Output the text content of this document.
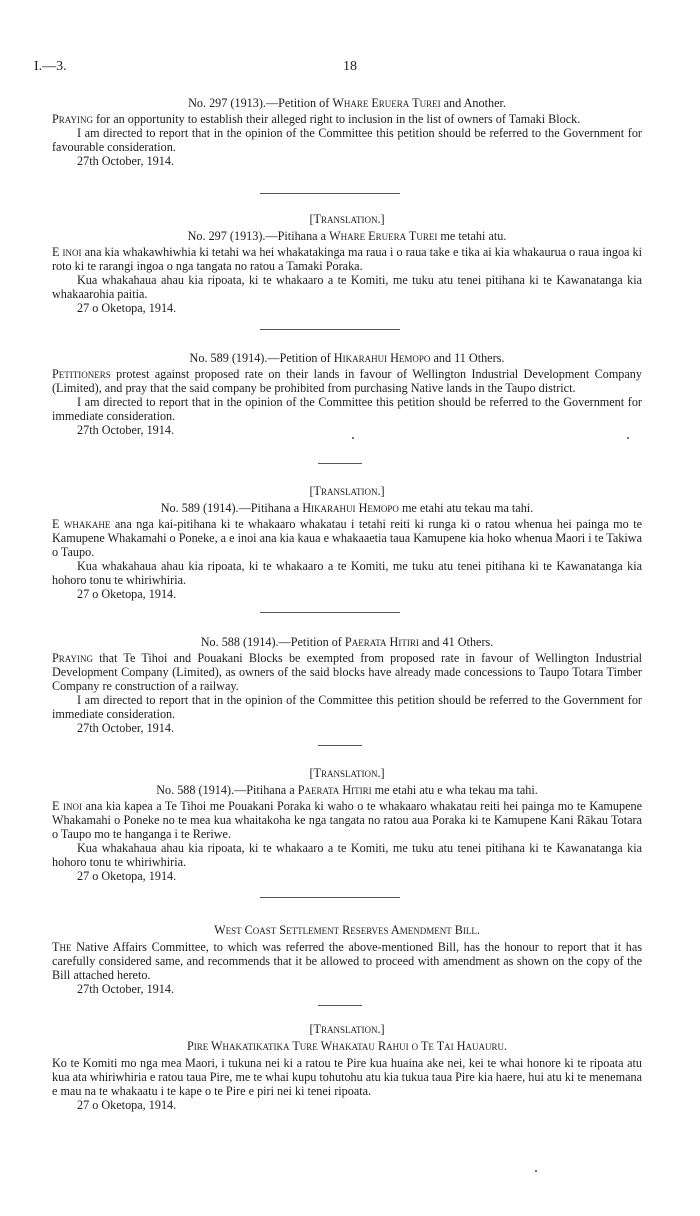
I.—3.	18

No. 297 (1913).—Petition of Whare Eruera Turei and Another.

Praying for an opportunity to establish their alleged right to inclusion in the list of owners of Tamaki Block.

I am directed to report that in the opinion of the Committee this petition should be referred to the Government for favourable consideration.

27th October, 1914.

[Translation.]

No. 297 (1913).—Pitihana a Whare Eruera Turei me tetahi atu.

E inoi ana kia whakawhiwhia ki tetahi wa hei whakatakinga ma raua i o raua take e tika ai kia whakaurua o raua ingoa ki roto ki te rarangi ingoa o nga tangata no ratou a Tamaki Poraka.

Kua whakahaua ahau kia ripoata, ki te whakaaro a te Komiti, me tuku atu tenei pitihana ki te Kawanatanga kia whakaarohia paitia.

27 o Oketopa, 1914.

No. 589 (1914).—Petition of Hikarahui Hemopo and 11 Others.

Petitioners protest against proposed rate on their lands in favour of Wellington Industrial Development Company (Limited), and pray that the said company be prohibited from purchasing Native lands in the Taupo district.

I am directed to report that in the opinion of the Committee this petition should be referred to the Government for immediate consideration.

27th October, 1914.

[Translation.]

No. 589 (1914).—Pitihana a Hikarahui Hemopo me etahi atu tekau ma tahi.

E whakahe ana nga kai-pitihana ki te whakaaro whakatau i tetahi reiti ki runga ki o ratou whenua hei painga mo te Kamupene Whakamahi o Poneke, a e inoi ana kia kaua e whakaaetia taua Kamupene kia hoko whenua Maori i te Takiwa o Taupo.

Kua whakahaua ahau kia ripoata, ki te whakaaro a te Komiti, me tuku atu tenei pitihana ki te Kawanatanga kia hohoro tonu te whiriwhiria.

27 o Oketopa, 1914.

No. 588 (1914).—Petition of Paerata Hitiri and 41 Others.

Praying that Te Tihoi and Pouakani Blocks be exempted from proposed rate in favour of Wellington Industrial Development Company (Limited), as owners of the said blocks have already made concessions to Taupo Totara Timber Company re construction of a railway.

I am directed to report that in the opinion of the Committee this petition should be referred to the Government for immediate consideration.

27th October, 1914.

[Translation.]

No. 588 (1914).—Pitihana a Paerata Hitiri me etahi atu e wha tekau ma tahi.

E inoi ana kia kapea a Te Tihoi me Pouakani Poraka ki waho o te whakaaro whakatau reiti hei painga mo te Kamupene Whakamahi o Poneke no te mea kua whaitakoha ke nga tangata no ratou aua Poraka ki te Kamupene Kani Rākau Totara o Taupo mo te hanganga i te Reriwe.

Kua whakahaua ahau kia ripoata, ki te whakaaro a te Komiti, me tuku atu tenei pitihana ki te Kawanatanga kia hohoro tonu te whiriwhiria.

27 o Oketopa, 1914.

West Coast Settlement Reserves Amendment Bill.

The Native Affairs Committee, to which was referred the above-mentioned Bill, has the honour to report that it has carefully considered same, and recommends that it be allowed to proceed with amendment as shown on the copy of the Bill attached hereto.

27th October, 1914.

[Translation.]

Pire Whakatikatika Ture Whakatau Rahui o Te Tai Hauauru.

Ko te Komiti mo nga mea Maori, i tukuna nei ki a ratou te Pire kua huaina ake nei, kei te whai honore ki te ripoata atu kua ata whiriwhiria e ratou taua Pire, me te whai kupu tohutohu atu kia tukua taua Pire kia haere, hui atu ki te menemana e mau na te whakaatu i te kape o te Pire e piri nei ki tenei ripoata.

27 o Oketopa, 1914.
